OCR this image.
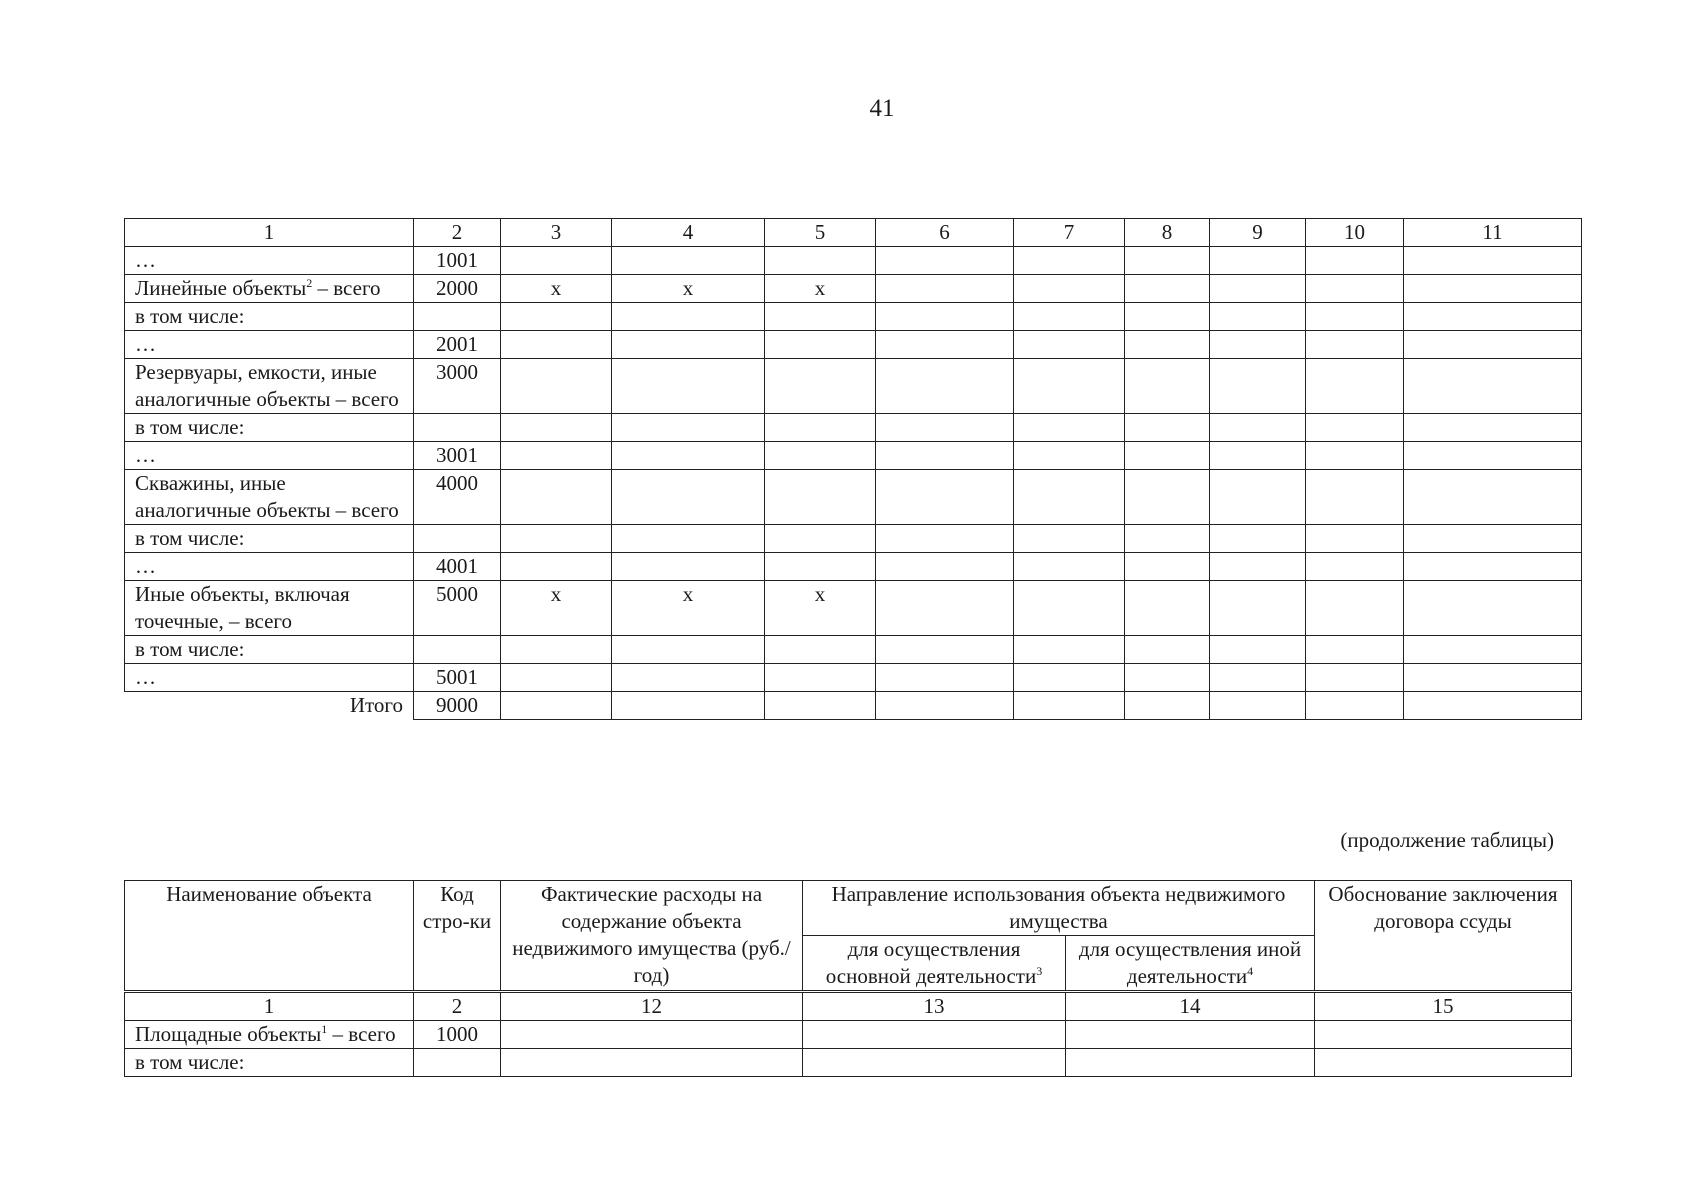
41
1	2	3	4	5	6	7	8	9	10	11
…	1001									
Линейные объекты$^2$ – всего	2000	x	x	x						
в том числе:										
…	2001									
Резервуары, емкости, иные аналогичные объекты – всего	3000									
в том числе:										
…	3001									
Скважины, иные аналогичные объекты – всего	4000									
в том числе:										
…	4001									
Иные объекты, включая точечные, – всего	5000	x	x	x						
в том числе:										
…	5001									
Итого	9000									
(продолжение таблицы)
Наименование объекта	Код стро-ки	Фактические расходы на содержание объекта недвижимого имущества (руб./год)	Направление использования объекта недвижимого имущества		Обоснование заключения договора ссуды
			для осуществления основной деятельности$^3$	для осуществления иной деятельности$^4$
1	2	12	13	14	15
Площадные объекты$^1$ – всего	1000				
в том числе:					
